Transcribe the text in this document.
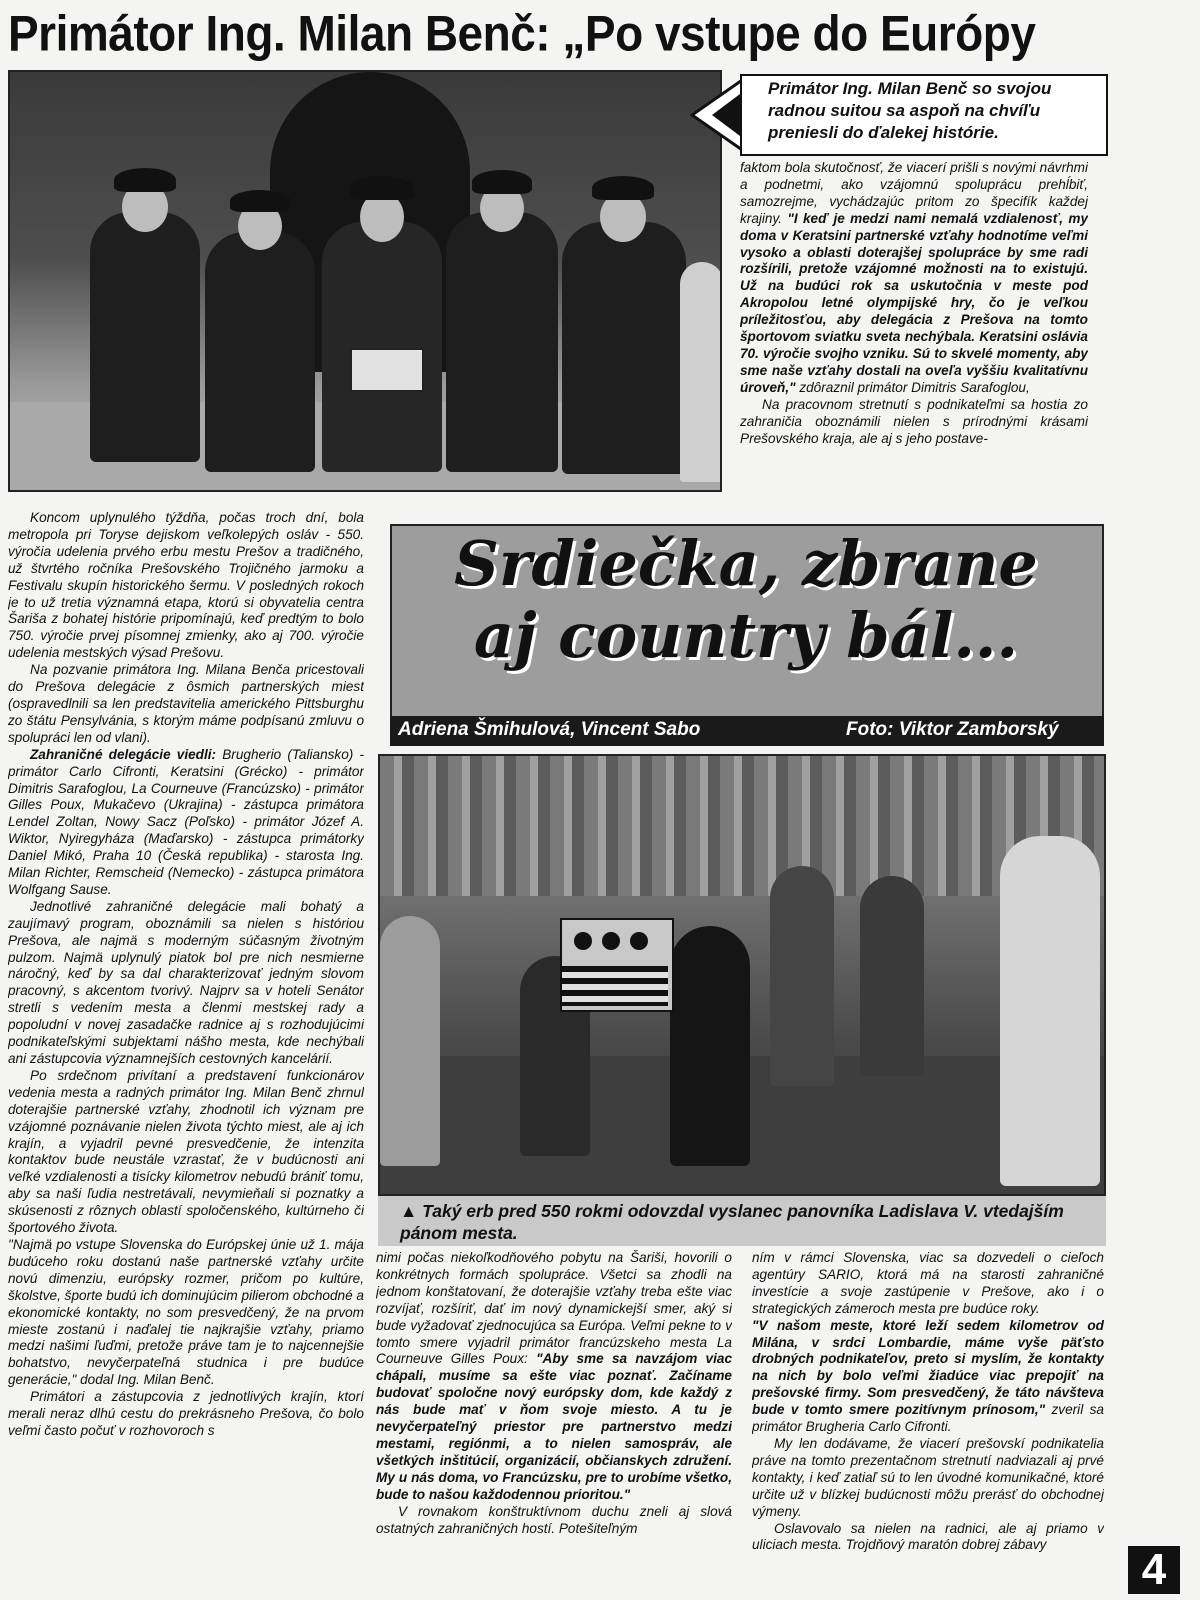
Primátor Ing. Milan Benč: „Po vstupe do Európy
Primátor Ing. Milan Benč so svojou radnou suitou sa aspoň na chvíľu preniesli do ďalekej histórie.

faktom bola skutočnosť, že viacerí prišli s novými návrhmi a podnetmi, ako vzájomnú spoluprácu prehĺbiť, samozrejme, vychádzajúc pritom zo špecifík každej krajiny. "I keď je medzi nami nemalá vzdialenosť, my doma v Keratsini partnerské vzťahy hodnotíme veľmi vysoko a oblasti doterajšej spolupráce by sme radi rozšírili, pretože vzájomné možnosti na to existujú. Už na budúci rok sa uskutočnia v meste pod Akropolou letné olympijské hry, čo je veľkou príležitosťou, aby delegácia z Prešova na tomto športovom sviatku sveta nechýbala. Keratsini oslávia 70. výročie svojho vzniku. Sú to skvelé momenty, aby sme naše vzťahy dostali na oveľa vyššiu kvalitatívnu úroveň," zdôraznil primátor Dimitris Sarafoglou,

Na pracovnom stretnutí s podnikateľmi sa hostia zo zahraničia oboznámili nielen s prírodnými krásami Prešovského kraja, ale aj s jeho postave-

Koncom uplynulého týždňa, počas troch dní, bola metropola pri Toryse dejiskom veľkolepých osláv - 550. výročia udelenia prvého erbu mestu Prešov a tradičného, už štvrtého ročníka Prešovského Trojičného jarmoku a Festivalu skupín historického šermu. V posledných rokoch je to už tretia významná etapa, ktorú si obyvatelia centra Šariša z bohatej histórie pripomínajú, keď predtým to bolo 750. výročie prvej písomnej zmienky, ako aj 700. výročie udelenia mestských výsad Prešovu.

Na pozvanie primátora Ing. Milana Benča pricestovali do Prešova delegácie z ôsmich partnerských miest (ospravedlnili sa len predstavitelia amerického Pittsburghu zo štátu Pensylvánia, s ktorým máme podpísanú zmluvu o spolupráci len od vlani).

Zahraničné delegácie viedli: Brugherio (Taliansko) - primátor Carlo Cifronti, Keratsini (Grécko) - primátor Dimitris Sarafoglou, La Courneuve (Francúzsko) - primátor Gilles Poux, Mukačevo (Ukrajina) - zástupca primátora Lendel Zoltan, Nowy Sacz (Poľsko) - primátor Józef A. Wiktor, Nyiregyháza (Maďarsko) - zástupca primátorky Daniel Mikó, Praha 10 (Česká republika) - starosta Ing. Milan Richter, Remscheid (Nemecko) - zástupca primátora Wolfgang Sause.

Jednotlivé zahraničné delegácie mali bohatý a zaujímavý program, oboznámili sa nielen s históriou Prešova, ale najmä s moderným súčasným životným pulzom. Najmä uplynulý piatok bol pre nich nesmierne náročný, keď by sa dal charakterizovať jedným slovom pracovný, s akcentom tvorivý. Najprv sa v hoteli Senátor stretli s vedením mesta a členmi mestskej rady a popoludní v novej zasadačke radnice aj s rozhodujúcimi podnikateľskými subjektami nášho mesta, kde nechýbali ani zástupcovia významnejších cestovných kancelárií.

Po srdečnom privítaní a predstavení funkcionárov vedenia mesta a radných primátor Ing. Milan Benč zhrnul doterajšie partnerské vzťahy, zhodnotil ich význam pre vzájomné poznávanie nielen života týchto miest, ale aj ich krajín, a vyjadril pevné presvedčenie, že intenzita kontaktov bude neustále vzrastať, že v budúcnosti ani veľké vzdialenosti a tisícky kilometrov nebudú brániť tomu, aby sa naši ľudia nestretávali, nevymieňali si poznatky a skúsenosti z rôznych oblastí spoločenského, kultúrneho či športového života.

"Najmä po vstupe Slovenska do Európskej únie už 1. mája budúceho roku dostanú naše partnerské vzťahy určite novú dimenziu, európsky rozmer, pričom po kultúre, školstve, športe budú ich dominujúcim pilierom obchodné a ekonomické kontakty, no som presvedčený, že na prvom mieste zostanú i naďalej tie najkrajšie vzťahy, priamo medzi našimi ľuďmi, pretože práve tam je to najcennejšie bohatstvo, nevyčerpateľná studnica i pre budúce generácie," dodal Ing. Milan Benč.

Primátori a zástupcovia z jednotlivých krajín, ktorí merali neraz dlhú cestu do prekrásneho Prešova, čo bolo veľmi často počuť v rozhovoroch s

Srdiečka, zbrane
aj country bál...
Adriena Šmihulová, Vincent Sabo	Foto: Viktor Zamborský
▲ Taký erb pred 550 rokmi odovzdal vyslanec panovníka Ladislava V. vtedajším pánom mesta.

nimi počas niekoľkodňového pobytu na Šariši, hovorili o konkrétnych formách spolupráce. Všetci sa zhodli na jednom konštatovaní, že doterajšie vzťahy treba ešte viac rozvíjať, rozšíriť, dať im nový dynamickejší smer, aký si bude vyžadovať zjednocujúca sa Európa. Veľmi pekne to v tomto smere vyjadril primátor francúzskeho mesta La Courneuve Gilles Poux: "Aby sme sa navzájom viac chápali, musíme sa ešte viac poznať. Začíname budovať spoločne nový európsky dom, kde každý z nás bude mať v ňom svoje miesto. A tu je nevyčerpateľný priestor pre partnerstvo medzi mestami, regiónmi, a to nielen samospráv, ale všetkých inštitúcií, organizácií, občianskych združení. My u nás doma, vo Francúzsku, pre to urobíme všetko, bude to našou každodennou prioritou."

V rovnakom konštruktívnom duchu zneli aj slová ostatných zahraničných hostí. Potešiteľným

ním v rámci Slovenska, viac sa dozvedeli o cieľoch agentúry SARIO, ktorá má na starosti zahraničné investície a svoje zastúpenie v Prešove, ako i o strategických zámeroch mesta pre budúce roky.

"V našom meste, ktoré leží sedem kilometrov od Milána, v srdci Lombardie, máme vyše päťsto drobných podnikateľov, preto si myslím, že kontakty na nich by bolo veľmi žiadúce viac prepojiť na prešovské firmy. Som presvedčený, že táto návšteva bude v tomto smere pozitívnym prínosom," zveril sa primátor Brugheria Carlo Cifronti.

My len dodávame, že viacerí prešovskí podnikatelia práve na tomto prezentačnom stretnutí nadviazali aj prvé kontakty, i keď zatiaľ sú to len úvodné komunikačné, ktoré určite už v blízkej budúcnosti môžu prerásť do obchodnej výmeny.

Oslavovalo sa nielen na radnici, ale aj priamo v uliciach mesta. Trojdňový maratón dobrej zábavy

4
